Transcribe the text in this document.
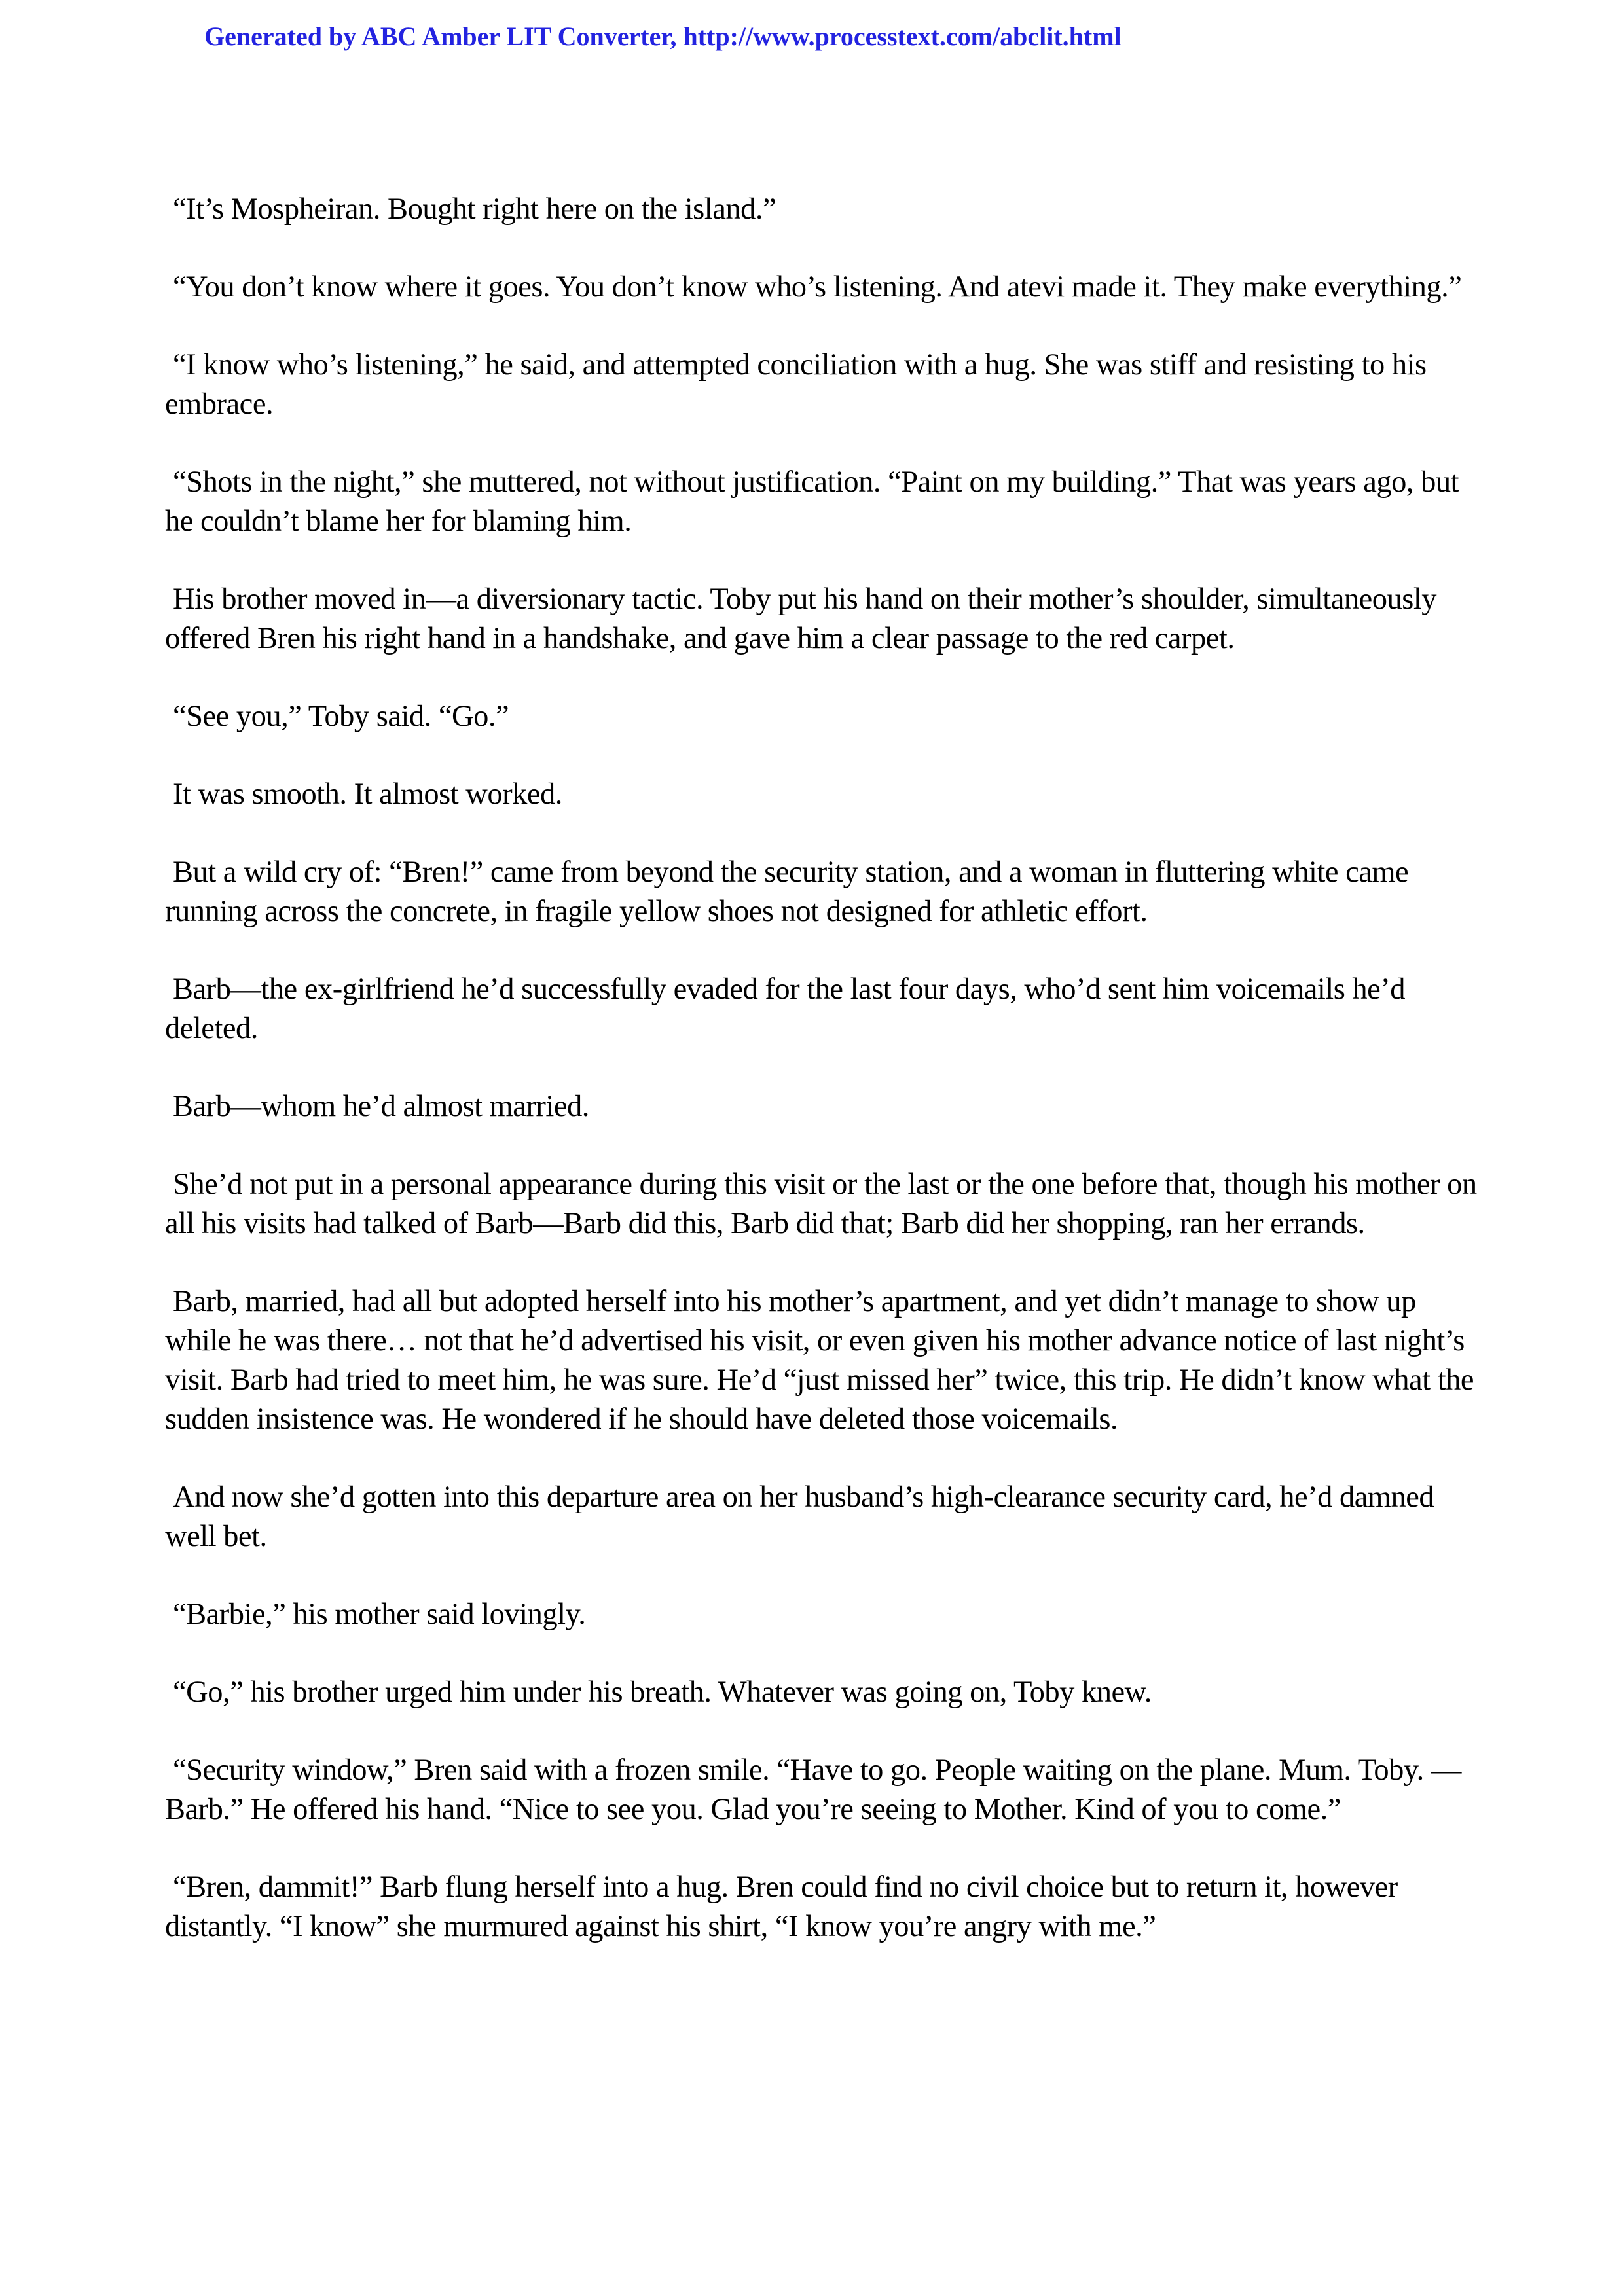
Generated by ABC Amber LIT Converter, http://www.processtext.com/abclit.html

“It’s Mospheiran. Bought right here on the island.”

“You don’t know where it goes. You don’t know who’s listening. And atevi made it. They make everything.”

“I know who’s listening,” he said, and attempted conciliation with a hug. She was stiff and resisting to his embrace.

“Shots in the night,” she muttered, not without justification. “Paint on my building.” That was years ago, but he couldn’t blame her for blaming him.

His brother moved in—a diversionary tactic. Toby put his hand on their mother’s shoulder, simultaneously offered Bren his right hand in a handshake, and gave him a clear passage to the red carpet.

“See you,” Toby said. “Go.”

It was smooth. It almost worked.

But a wild cry of: “Bren!” came from beyond the security station, and a woman in fluttering white came running across the concrete, in fragile yellow shoes not designed for athletic effort.

Barb—the ex-girlfriend he’d successfully evaded for the last four days, who’d sent him voicemails he’d deleted.

Barb—whom he’d almost married.

She’d not put in a personal appearance during this visit or the last or the one before that, though his mother on all his visits had talked of Barb—Barb did this, Barb did that; Barb did her shopping, ran her errands.

Barb, married, had all but adopted herself into his mother’s apartment, and yet didn’t manage to show up while he was there… not that he’d advertised his visit, or even given his mother advance notice of last night’s visit. Barb had tried to meet him, he was sure. He’d “just missed her” twice, this trip. He didn’t know what the sudden insistence was. He wondered if he should have deleted those voicemails.

And now she’d gotten into this departure area on her husband’s high-clearance security card, he’d damned well bet.

“Barbie,” his mother said lovingly.

“Go,” his brother urged him under his breath. Whatever was going on, Toby knew.

“Security window,” Bren said with a frozen smile. “Have to go. People waiting on the plane. Mum. Toby. —Barb.” He offered his hand. “Nice to see you. Glad you’re seeing to Mother. Kind of you to come.”

“Bren, dammit!” Barb flung herself into a hug. Bren could find no civil choice but to return it, however distantly. “I know” she murmured against his shirt, “I know you’re angry with me.”
